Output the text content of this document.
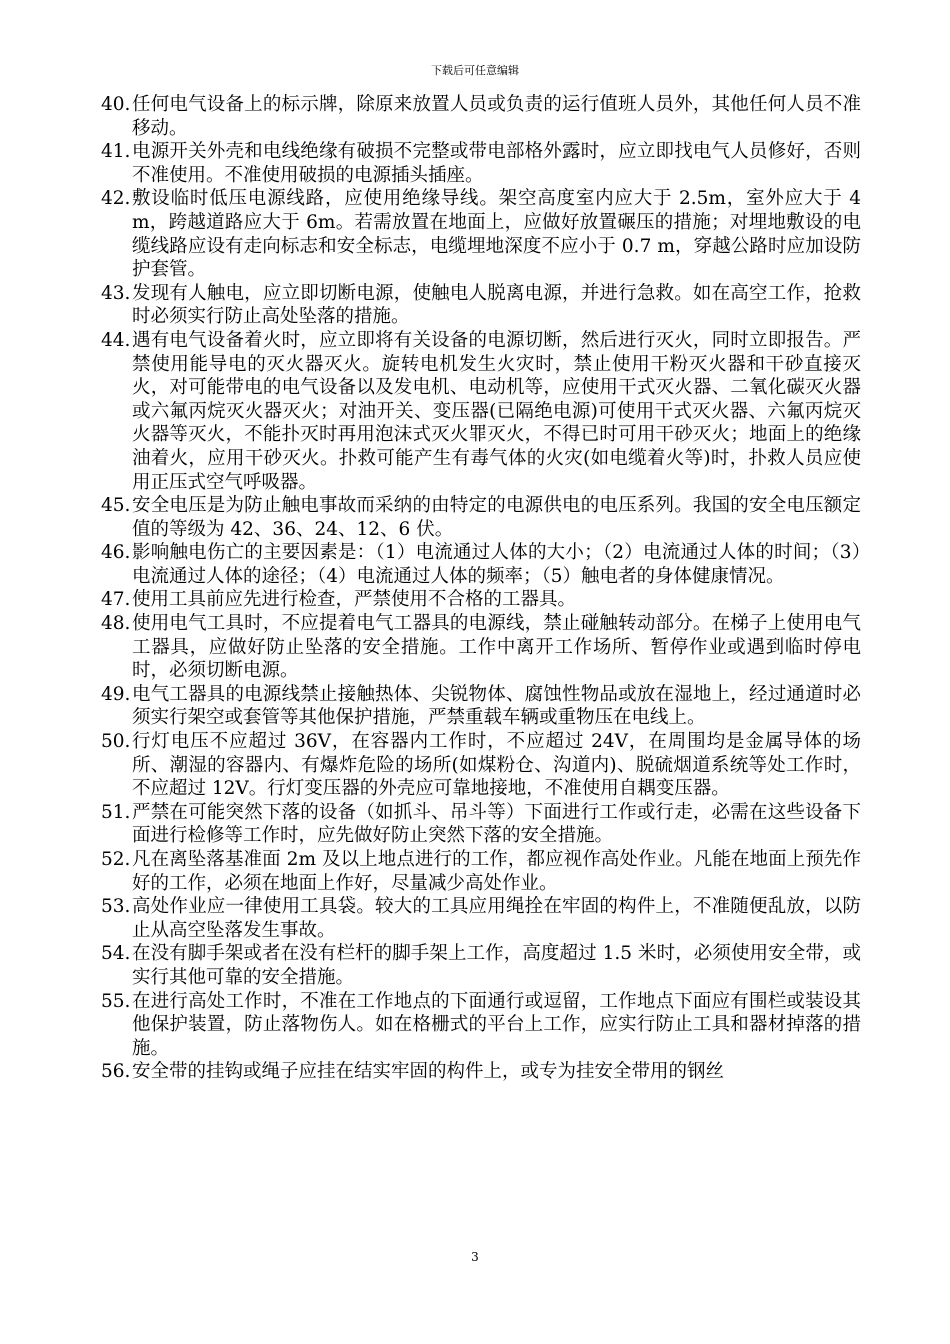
下载后可任意编辑
40. 任何电气设备上的标示牌，除原来放置人员或负责的运行值班人员外，其他任何人员不准移动。
41. 电源开关外壳和电线绝缘有破损不完整或带电部格外露时，应立即找电气人员修好，否则不准使用。不准使用破损的电源插头插座。
42. 敷设临时低压电源线路，应使用绝缘导线。架空高度室内应大于 2.5m，室外应大于 4m，跨越道路应大于 6m。若需放置在地面上，应做好放置碾压的措施；对埋地敷设的电缆线路应设有走向标志和安全标志，电缆埋地深度不应小于 0.7 m，穿越公路时应加设防护套管。
43. 发现有人触电，应立即切断电源，使触电人脱离电源，并进行急救。如在高空工作，抢救时必须实行防止高处坠落的措施。
44. 遇有电气设备着火时，应立即将有关设备的电源切断，然后进行灭火，同时立即报告。严禁使用能导电的灭火器灭火。旋转电机发生火灾时，禁止使用干粉灭火器和干砂直接灭火，对可能带电的电气设备以及发电机、电动机等，应使用干式灭火器、二氧化碳灭火器或六氟丙烷灭火器灭火；对油开关、变压器(已隔绝电源)可使用干式灭火器、六氟丙烷灭火器等灭火，不能扑灭时再用泡沫式灭火罪灭火，不得已时可用干砂灭火；地面上的绝缘油着火，应用干砂灭火。扑救可能产生有毒气体的火灾(如电缆着火等)时，扑救人员应使用正压式空气呼吸器。
45. 安全电压是为防止触电事故而采纳的由特定的电源供电的电压系列。我国的安全电压额定值的等级为 42、36、24、12、6 伏。
46. 影响触电伤亡的主要因素是：（1）电流通过人体的大小；（2）电流通过人体的时间；（3）电流通过人体的途径；（4）电流通过人体的频率；（5）触电者的身体健康情况。
47. 使用工具前应先进行检查，严禁使用不合格的工器具。
48. 使用电气工具时，不应提着电气工器具的电源线，禁止碰触转动部分。在梯子上使用电气工器具，应做好防止坠落的安全措施。工作中离开工作场所、暂停作业或遇到临时停电时，必须切断电源。
49. 电气工器具的电源线禁止接触热体、尖锐物体、腐蚀性物品或放在湿地上，经过通道时必须实行架空或套管等其他保护措施，严禁重载车辆或重物压在电线上。
50. 行灯电压不应超过 36V，在容器内工作时，不应超过 24V，在周围均是金属导体的场所、潮湿的容器内、有爆炸危险的场所(如煤粉仓、沟道内)、脱硫烟道系统等处工作时，不应超过 12V。行灯变压器的外壳应可靠地接地，不准使用自耦变压器。
51. 严禁在可能突然下落的设备（如抓斗、吊斗等）下面进行工作或行走，必需在这些设备下面进行检修等工作时，应先做好防止突然下落的安全措施。
52. 凡在离坠落基准面 2m 及以上地点进行的工作，都应视作高处作业。凡能在地面上预先作好的工作，必须在地面上作好，尽量减少高处作业。
53. 高处作业应一律使用工具袋。较大的工具应用绳拴在牢固的构件上，不准随便乱放，以防止从高空坠落发生事故。
54. 在没有脚手架或者在没有栏杆的脚手架上工作，高度超过 1.5 米时，必须使用安全带，或实行其他可靠的安全措施。
55. 在进行高处工作时，不准在工作地点的下面通行或逗留，工作地点下面应有围栏或装设其他保护装置，防止落物伤人。如在格栅式的平台上工作，应实行防止工具和器材掉落的措施。
56. 安全带的挂钩或绳子应挂在结实牢固的构件上，或专为挂安全带用的钢丝
3
